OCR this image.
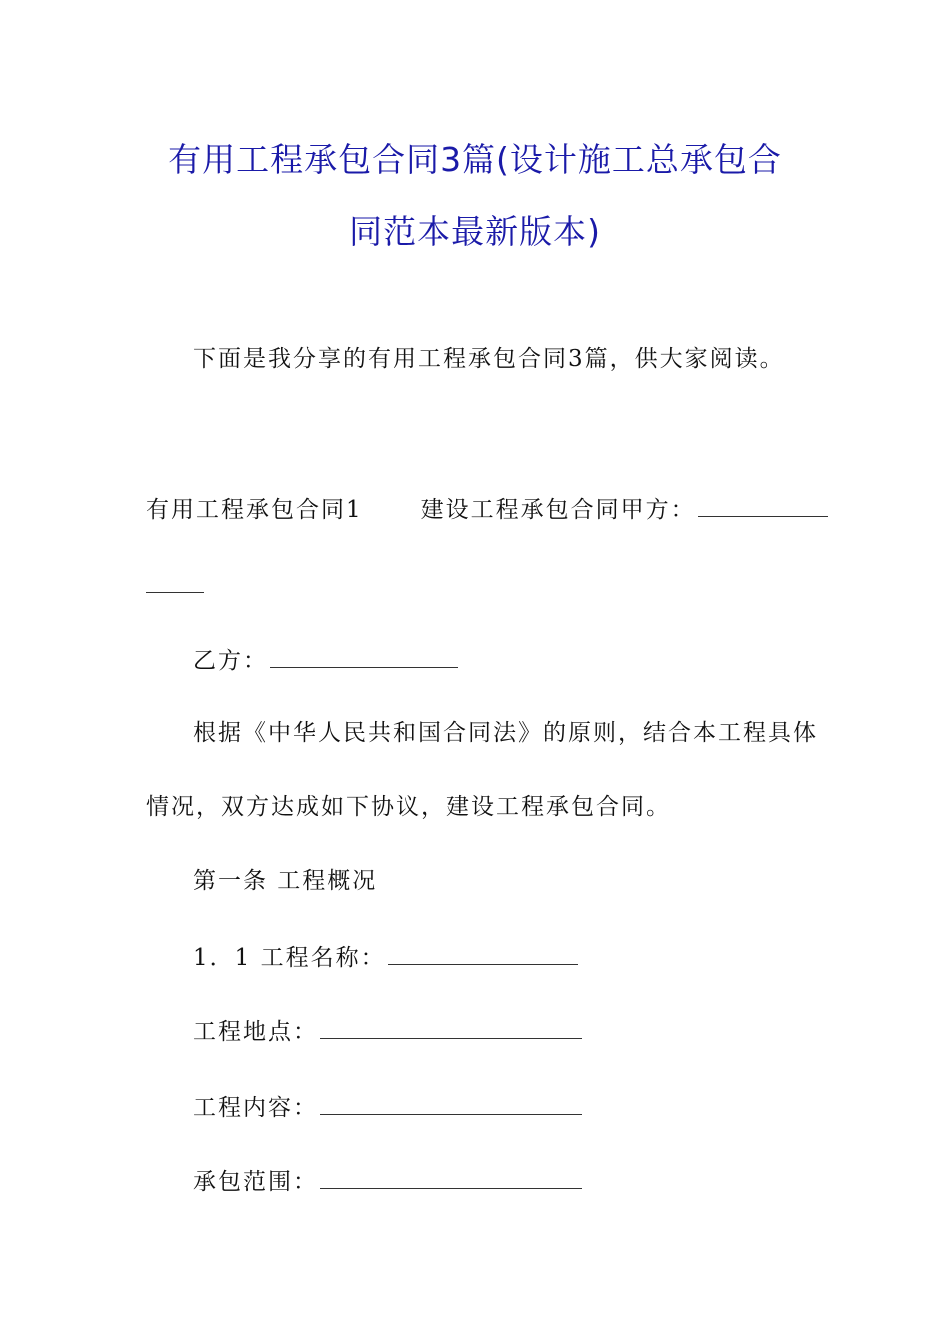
有用工程承包合同3篇(设计施工总承包合
同范本最新版本)

下面是我分享的有用工程承包合同3篇，供大家阅读。

有用工程承包合同1	建设工程承包合同甲方：

乙方：

根据《中华人民共和国合同法》的原则，结合本工程具体

情况，双方达成如下协议，建设工程承包合同。

第一条 工程概况

1．1 工程名称：

工程地点：

工程内容：

承包范围：
